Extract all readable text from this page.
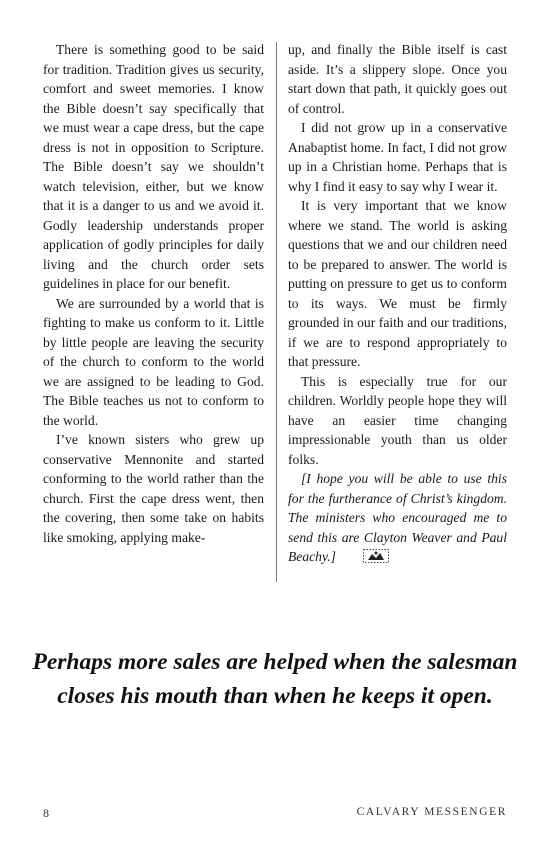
There is something good to be said for tradition. Tradition gives us security, comfort and sweet memories. I know the Bible doesn’t say specifically that we must wear a cape dress, but the cape dress is not in opposition to Scripture. The Bible doesn’t say we shouldn’t watch television, either, but we know that it is a danger to us and we avoid it. Godly leadership understands proper application of godly principles for daily living and the church order sets guidelines in place for our benefit.

We are surrounded by a world that is fighting to make us conform to it. Little by little people are leaving the security of the church to conform to the world we are assigned to be leading to God. The Bible teaches us not to conform to the world.

I’ve known sisters who grew up conservative Mennonite and started conforming to the world rather than the church. First the cape dress went, then the covering, then some take on habits like smoking, applying make-

up, and finally the Bible itself is cast aside. It’s a slippery slope. Once you start down that path, it quickly goes out of control.

I did not grow up in a conservative Anabaptist home. In fact, I did not grow up in a Christian home. Perhaps that is why I find it easy to say why I wear it.

It is very important that we know where we stand. The world is asking questions that we and our children need to be prepared to answer. The world is putting on pressure to get us to conform to its ways. We must be firmly grounded in our faith and our traditions, if we are to respond appropriately to that pressure.

This is especially true for our children. Worldly people hope they will have an easier time changing impressionable youth than us older folks.

[I hope you will be able to use this for the furtherance of Christ’s kingdom. The ministers who encouraged me to send this are Clayton Weaver and Paul Beachy.]

Perhaps more sales are helped when the salesman closes his mouth than when he keeps it open.
8	CALVARY MESSENGER
